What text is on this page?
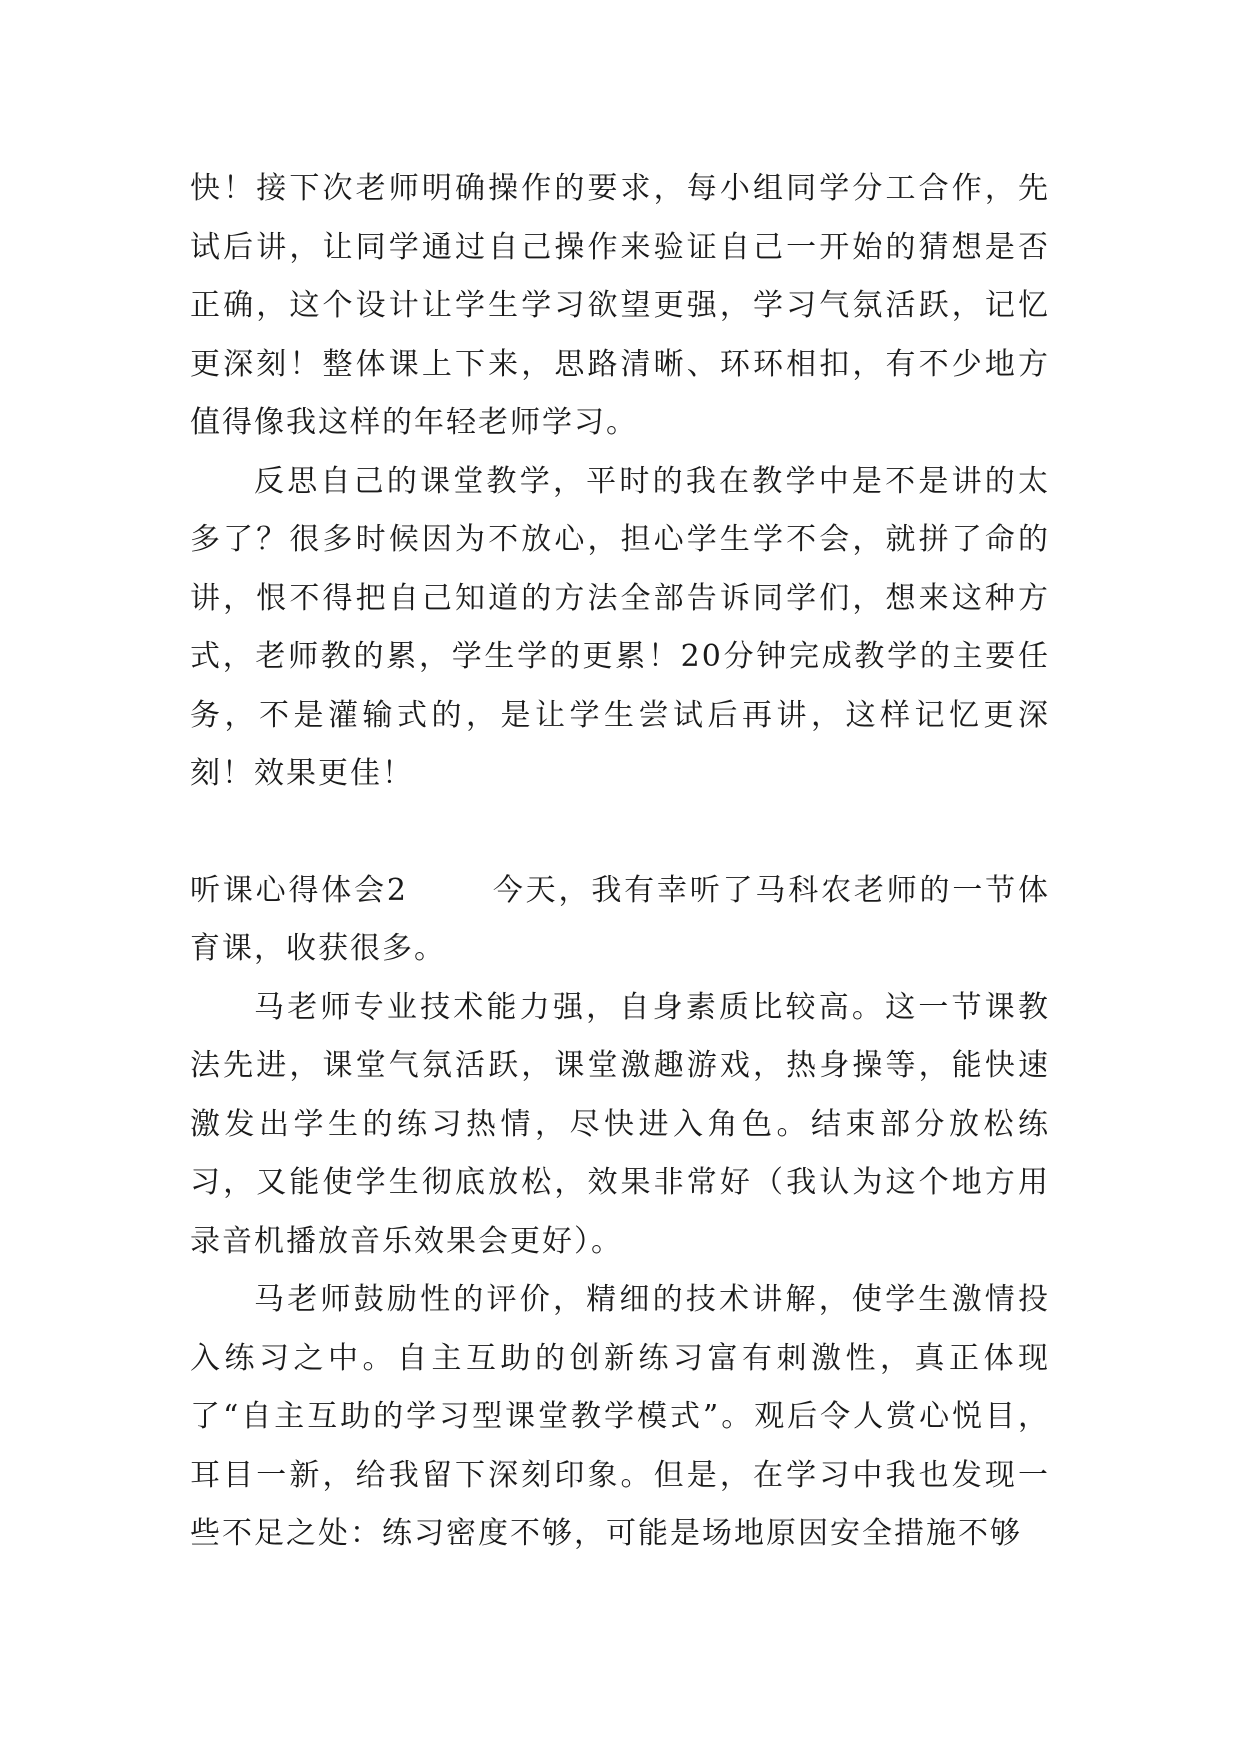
快！接下次老师明确操作的要求，每小组同学分工合作，先试后讲，让同学通过自己操作来验证自己一开始的猜想是否正确，这个设计让学生学习欲望更强，学习气氛活跃，记忆更深刻！整体课上下来，思路清晰、环环相扣，有不少地方值得像我这样的年轻老师学习。

反思自己的课堂教学，平时的我在教学中是不是讲的太多了？很多时候因为不放心，担心学生学不会，就拼了命的讲，恨不得把自己知道的方法全部告诉同学们，想来这种方式，老师教的累，学生学的更累！20分钟完成教学的主要任务，不是灌输式的，是让学生尝试后再讲，这样记忆更深刻！效果更佳！

听课心得体会2	今天，我有幸听了马科农老师的一节体育课，收获很多。

马老师专业技术能力强，自身素质比较高。这一节课教法先进，课堂气氛活跃，课堂激趣游戏，热身操等，能快速激发出学生的练习热情，尽快进入角色。结束部分放松练习，又能使学生彻底放松，效果非常好（我认为这个地方用录音机播放音乐效果会更好）。

马老师鼓励性的评价，精细的技术讲解，使学生激情投入练习之中。自主互助的创新练习富有刺激性，真正体现了“自主互助的学习型课堂教学模式”。观后令人赏心悦目，耳目一新，给我留下深刻印象。但是，在学习中我也发现一些不足之处：练习密度不够，可能是场地原因安全措施不够
